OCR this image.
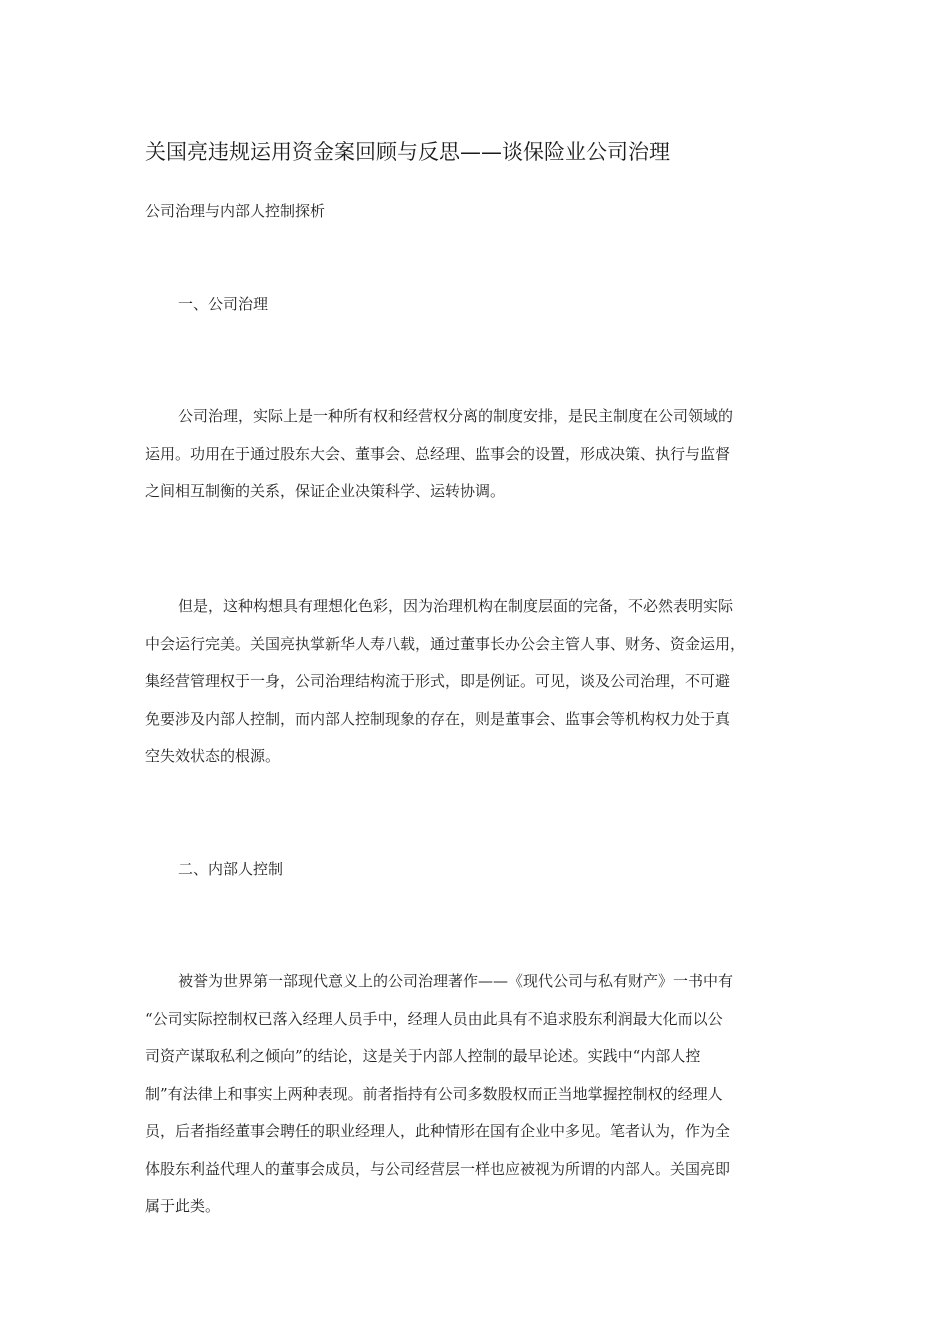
关国亮违规运用资金案回顾与反思——谈保险业公司治理

公司治理与内部人控制探析

一、公司治理

公司治理，实际上是一种所有权和经营权分离的制度安排，是民主制度在公司领域的
运用。功用在于通过股东大会、董事会、总经理、监事会的设置，形成决策、执行与监督
之间相互制衡的关系，保证企业决策科学、运转协调。

但是，这种构想具有理想化色彩，因为治理机构在制度层面的完备，不必然表明实际
中会运行完美。关国亮执掌新华人寿八载，通过董事长办公会主管人事、财务、资金运用，
集经营管理权于一身，公司治理结构流于形式，即是例证。可见，谈及公司治理，不可避
免要涉及内部人控制，而内部人控制现象的存在，则是董事会、监事会等机构权力处于真
空失效状态的根源。

二、内部人控制

被誉为世界第一部现代意义上的公司治理著作——《现代公司与私有财产》一书中有
“公司实际控制权已落入经理人员手中，经理人员由此具有不追求股东利润最大化而以公
司资产谋取私利之倾向”的结论，这是关于内部人控制的最早论述。实践中“内部人控
制”有法律上和事实上两种表现。前者指持有公司多数股权而正当地掌握控制权的经理人
员，后者指经董事会聘任的职业经理人，此种情形在国有企业中多见。笔者认为，作为全
体股东利益代理人的董事会成员，与公司经营层一样也应被视为所谓的内部人。关国亮即
属于此类。
